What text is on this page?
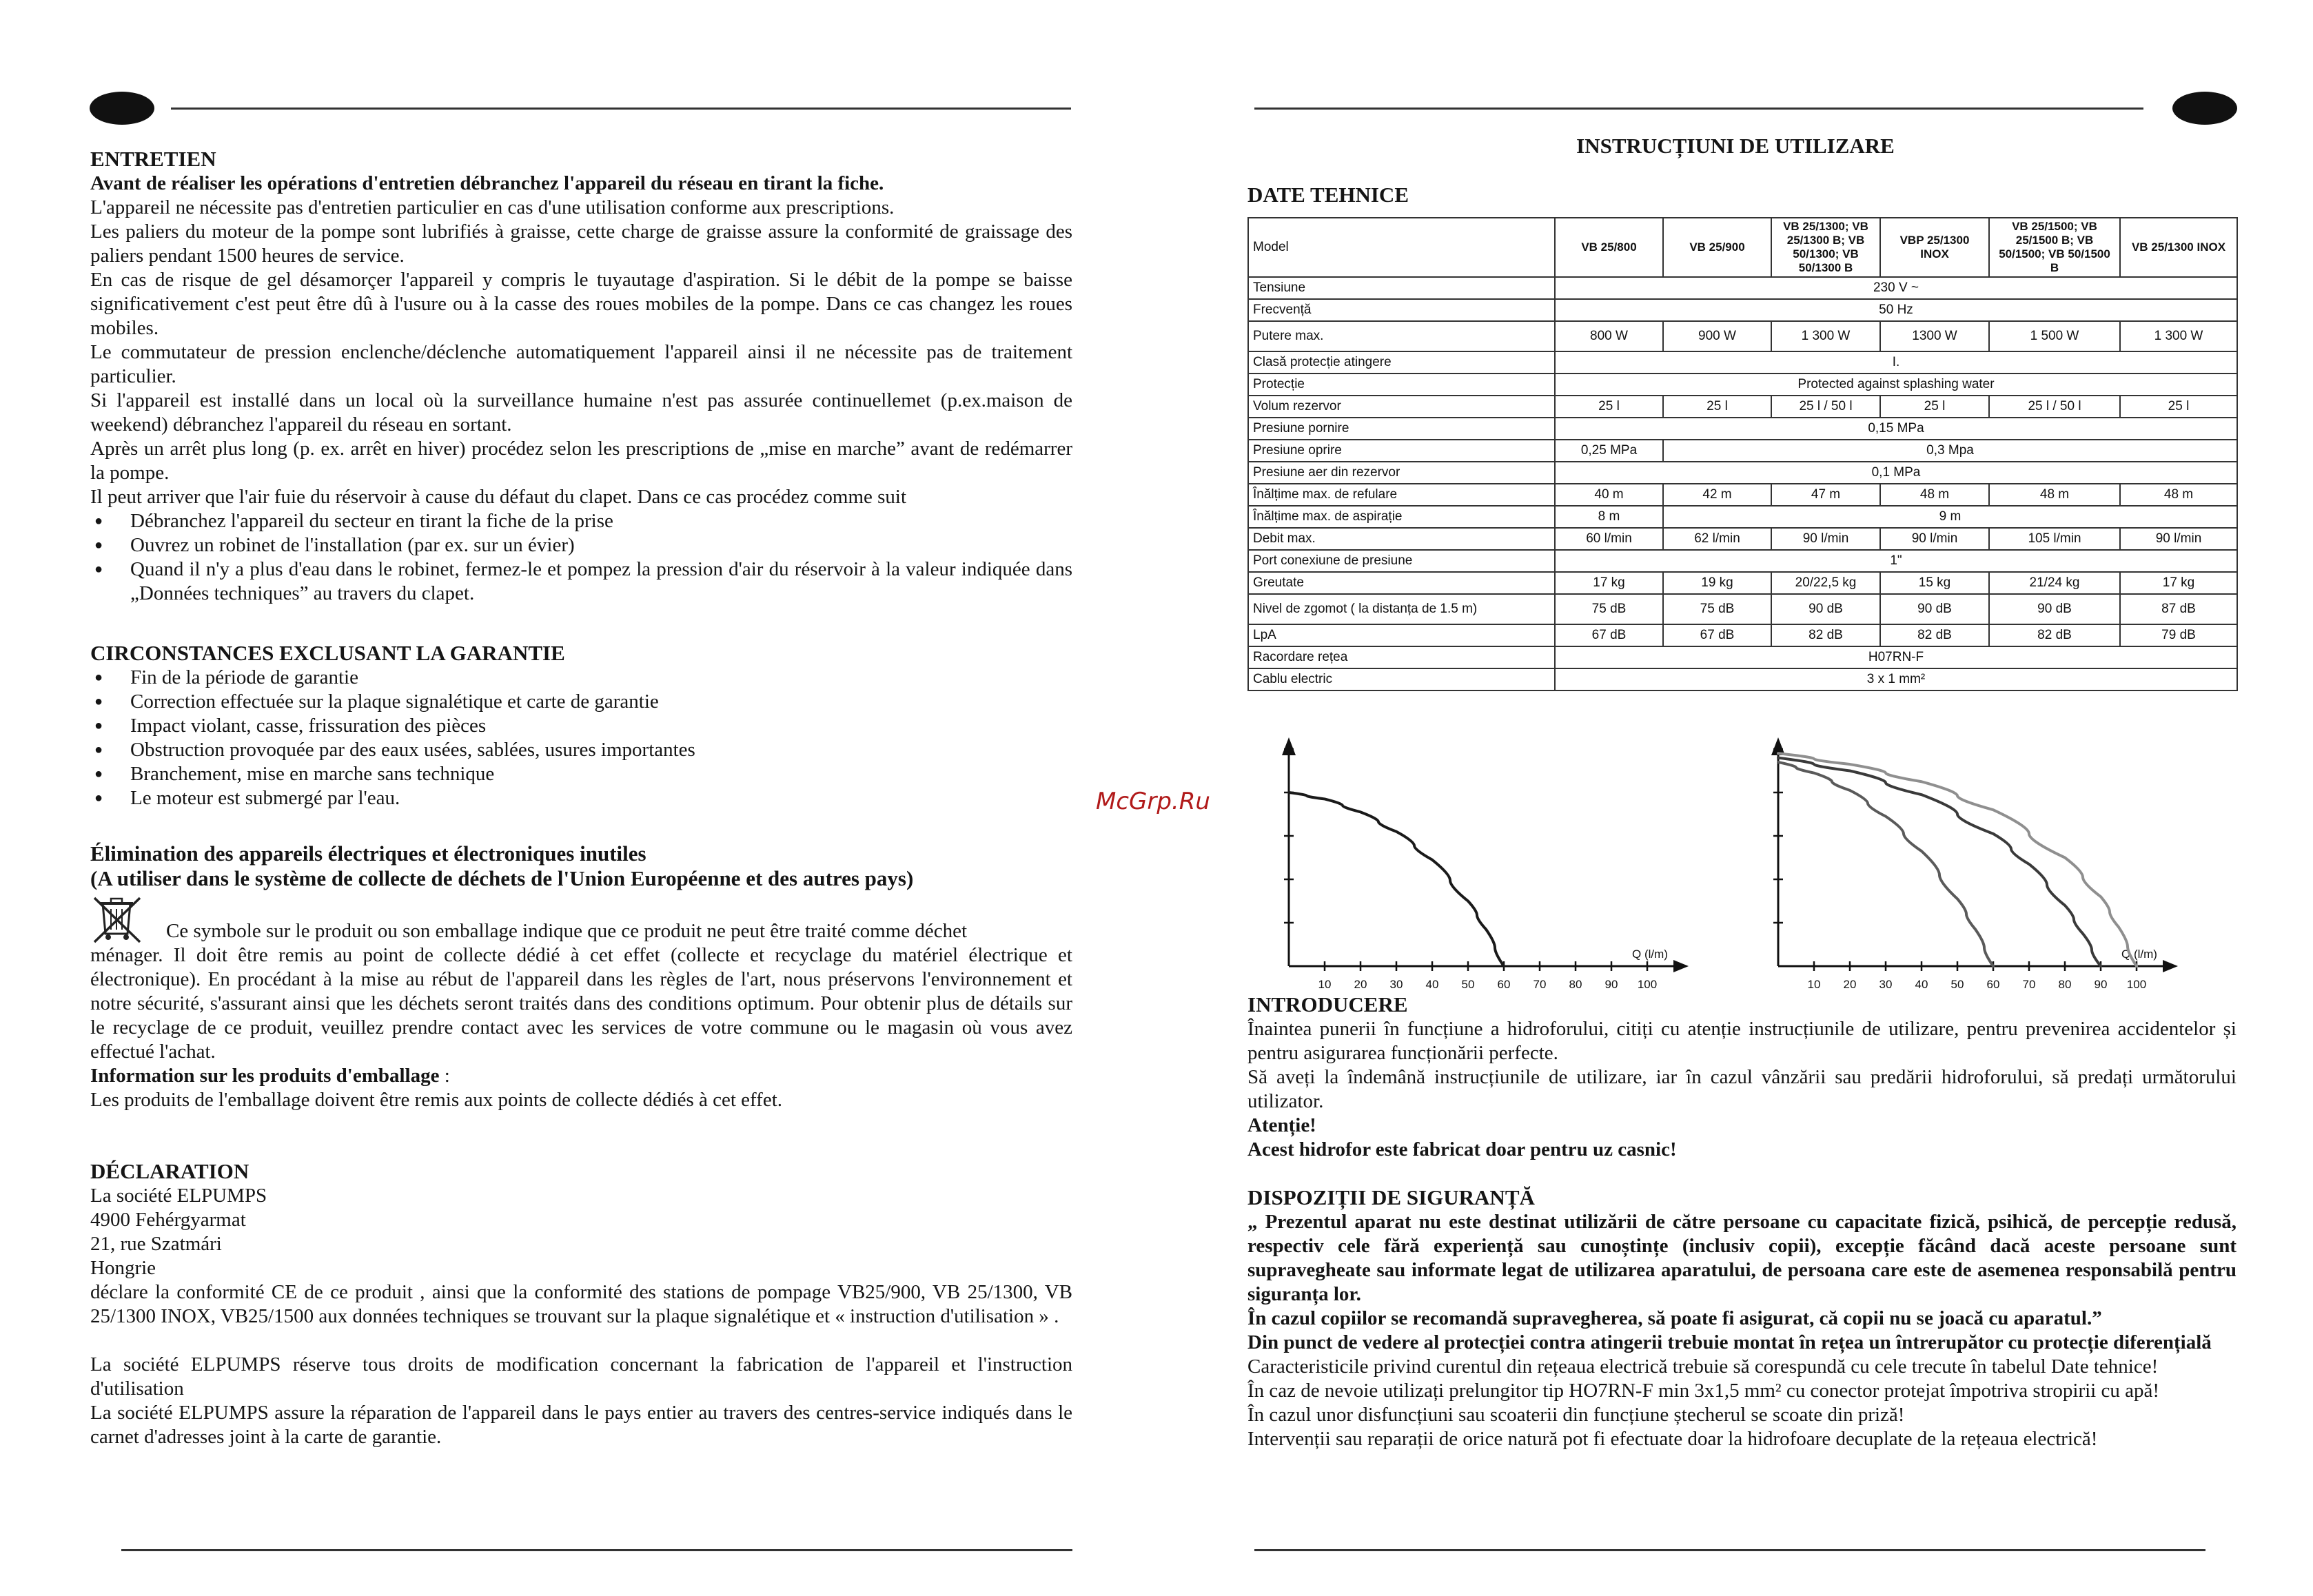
ENTRETIEN

Avant de réaliser les opérations d'entretien débranchez l'appareil du réseau en tirant la fiche.

L'appareil ne nécessite pas d'entretien particulier en cas d'une utilisation conforme aux prescriptions.

Les paliers du moteur de la pompe sont lubrifiés à graisse, cette charge de graisse assure la conformité de graissage des paliers pendant 1500 heures de service.

En cas de risque de gel désamorçer l'appareil y compris le tuyautage d'aspiration. Si le débit de la pompe se baisse significativement c'est peut être dû à l'usure ou à la casse des roues mobiles de la pompe. Dans ce cas changez les roues mobiles.

Le commutateur de pression enclenche/déclenche automatiquement l'appareil ainsi il ne nécessite pas de traitement particulier.

Si l'appareil est installé dans un local où la surveillance humaine n'est pas assurée continuellemet (p.ex.maison de weekend) débranchez l'appareil du réseau en sortant.

Après un arrêt plus long (p. ex. arrêt en hiver) procédez selon les prescriptions de „mise en marche” avant de redémarrer la pompe.

Il peut arriver que l'air fuie du réservoir à cause du défaut du clapet. Dans ce cas procédez comme suit

● Débranchez l'appareil du secteur en tirant la fiche de la prise
● Ouvrez un robinet de l'installation (par ex. sur un évier)
● Quand il n'y a plus d'eau dans le robinet, fermez-le et pompez la pression d'air du réservoir à la valeur indiquée dans „Données techniques” au travers du clapet.

CIRCONSTANCES EXCLUSANT LA GARANTIE

● Fin de la période de garantie
● Correction effectuée sur la plaque signalétique et carte de garantie
● Impact violant, casse, frissuration des pièces
● Obstruction provoquée par des eaux usées, sablées, usures importantes
● Branchement, mise en marche sans technique
● Le moteur est submergé par l'eau.

Élimination des appareils électriques et électroniques inutiles

(A utiliser dans le système de collecte de déchets de l'Union Européenne et des autres pays)

Ce symbole sur le produit ou son emballage indique que ce produit ne peut être traité comme déchet

ménager. Il doit être remis au point de collecte dédié à cet effet (collecte et recyclage du matériel électrique et électronique). En procédant à la mise au rébut de l'appareil dans les règles de l'art, nous préservons l'environnement et notre sécurité, s'assurant ainsi que les déchets seront traités dans des conditions optimum. Pour obtenir plus de détails sur le recyclage de ce produit, veuillez prendre contact avec les services de votre commune ou le magasin où vous avez effectué l'achat.

Information sur les produits d'emballage :

Les produits de l'emballage doivent être remis aux points de collecte dédiés à cet effet.

DÉCLARATION

La société ELPUMPS

4900 Fehérgyarmat

21, rue Szatmári

Hongrie

déclare la conformité CE de ce produit , ainsi que la conformité des stations de pompage VB25/900, VB 25/1300, VB 25/1300 INOX, VB25/1500 aux données techniques se trouvant sur la plaque signalétique et « instruction d'utilisation » .

La société ELPUMPS réserve tous droits de modification concernant la fabrication de l'appareil et l'instruction d'utilisation

La société ELPUMPS assure la réparation de l'appareil dans le pays entier au travers des centres-service indiqués dans le carnet d'adresses joint à la carte de garantie.

McGrp.Ru
INSTRUCȚIUNI DE UTILIZARE
DATE TEHNICE
Model	VB 25/800	VB 25/900	VB 25/1300; VB 25/1300 B; VB 50/1300; VB 50/1300 B	VBP 25/1300 INOX	VB 25/1500; VB 25/1500 B; VB 50/1500; VB 50/1500 B	VB 25/1300 INOX
Tensiune	230 V ~					
Frecvență	50 Hz					
Putere max.	800 W	900 W	1 300 W	1300 W	1 500 W	1 300 W
Clasă protecție atingere	I.					
Protecție	Protected against splashing water					
Volum rezervor	25 l	25 l	25 l / 50 l	25 l	25 l / 50 l	25 l
Presiune pornire	0,15 MPa					
Presiune oprire	0,25 MPa	0,3 Mpa				
Presiune aer din rezervor	0,1 MPa					
Înălțime max. de refulare	40 m	42 m	47 m	48 m	48 m	48 m
Înălțime max. de aspirație	8 m	9 m				
Debit max.	60 l/min	62 l/min	90 l/min	90 l/min	105 l/min	90 l/min
Port conexiune de presiune	1"					
Greutate	17 kg	19 kg	20/22,5 kg	15 kg	21/24 kg	17 kg
Nivel de zgomot ( la distanța de 1.5 m)	75 dB	75 dB	90 dB	90 dB	90 dB	87 dB
LpA	67 dB	67 dB	82 dB	82 dB	82 dB	79 dB
Racordare rețea	H07RN-F					
Cablu electric	3 x 1 mm²					
10 20 30 40 50 60 70 80 90 100
Q (l/m)
10 20 30 40 50 60 70 80 90 100
Q (l/m)

INTRODUCERE

Înaintea punerii în funcțiune a hidroforului, citiți cu atenție instrucțiunile de utilizare, pentru prevenirea accidentelor și pentru asigurarea funcționării perfecte.

Să aveți la îndemână instrucțiunile de utilizare, iar în cazul vânzării sau predării hidroforului, să predați următorului utilizator.

Atenție!

Acest hidrofor este fabricat doar pentru uz casnic!

DISPOZIȚII DE SIGURANȚĂ

„ Prezentul aparat nu este destinat utilizării de către persoane cu capacitate fizică, psihică, de percepție redusă, respectiv cele fără experiență sau cunoștințe (inclusiv copii), excepție făcând dacă aceste persoane sunt supravegheate sau informate legat de utilizarea aparatului, de persoana care este de asemenea responsabilă pentru siguranța lor.

În cazul copiilor se recomandă supravegherea, să poate fi asigurat, că copii nu se joacă cu aparatul.”

Din punct de vedere al protecției contra atingerii trebuie montat în rețea un întrerupător cu protecție diferențială

Caracteristicile privind curentul din rețeaua electrică trebuie să corespundă cu cele trecute în tabelul Date tehnice!

În caz de nevoie utilizați prelungitor tip HO7RN-F min 3x1,5 mm² cu conector protejat împotriva stropirii cu apă!

În cazul unor disfuncțiuni sau scoaterii din funcțiune ștecherul se scoate din priză!

Intervenții sau reparații de orice natură pot fi efectuate doar la hidrofoare decuplate de la rețeaua electrică!
